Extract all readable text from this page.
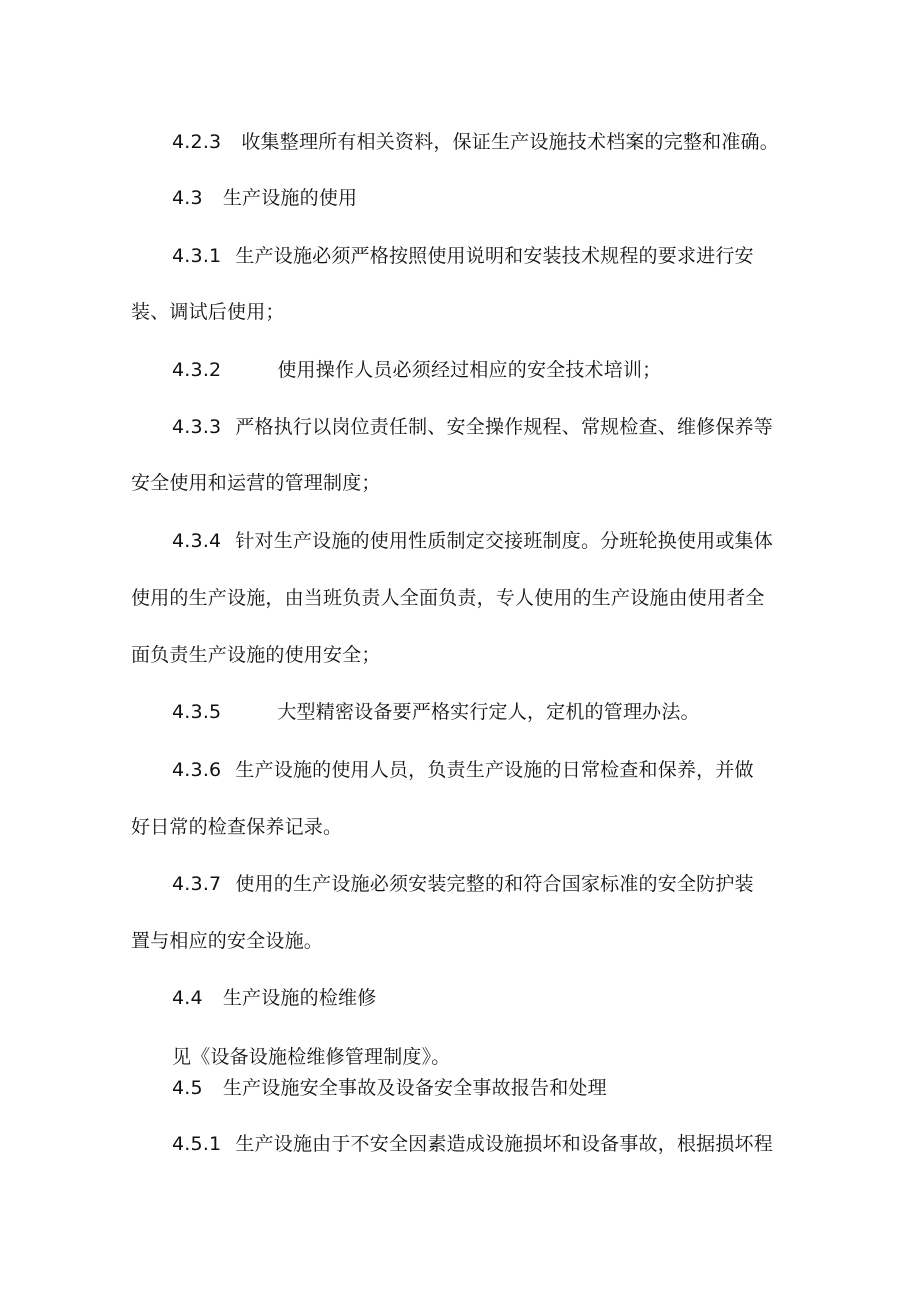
4.2.3 收集整理所有相关资料，保证生产设施技术档案的完整和准确。
4.3 生产设施的使用
4.3.1 生产设施必须严格按照使用说明和安装技术规程的要求进行安
装、调试后使用；
4.3.2	使用操作人员必须经过相应的安全技术培训；
4.3.3 严格执行以岗位责任制、安全操作规程、常规检查、维修保养等
安全使用和运营的管理制度；
4.3.4 针对生产设施的使用性质制定交接班制度。分班轮换使用或集体
使用的生产设施，由当班负责人全面负责，专人使用的生产设施由使用者全
面负责生产设施的使用安全；
4.3.5	大型精密设备要严格实行定人，定机的管理办法。
4.3.6 生产设施的使用人员，负责生产设施的日常检查和保养，并做
好日常的检查保养记录。
4.3.7 使用的生产设施必须安装完整的和符合国家标准的安全防护装
置与相应的安全设施。
4.4 生产设施的检维修
见《设备设施检维修管理制度》。
4.5 生产设施安全事故及设备安全事故报告和处理
4.5.1 生产设施由于不安全因素造成设施损坏和设备事故，根据损坏程
